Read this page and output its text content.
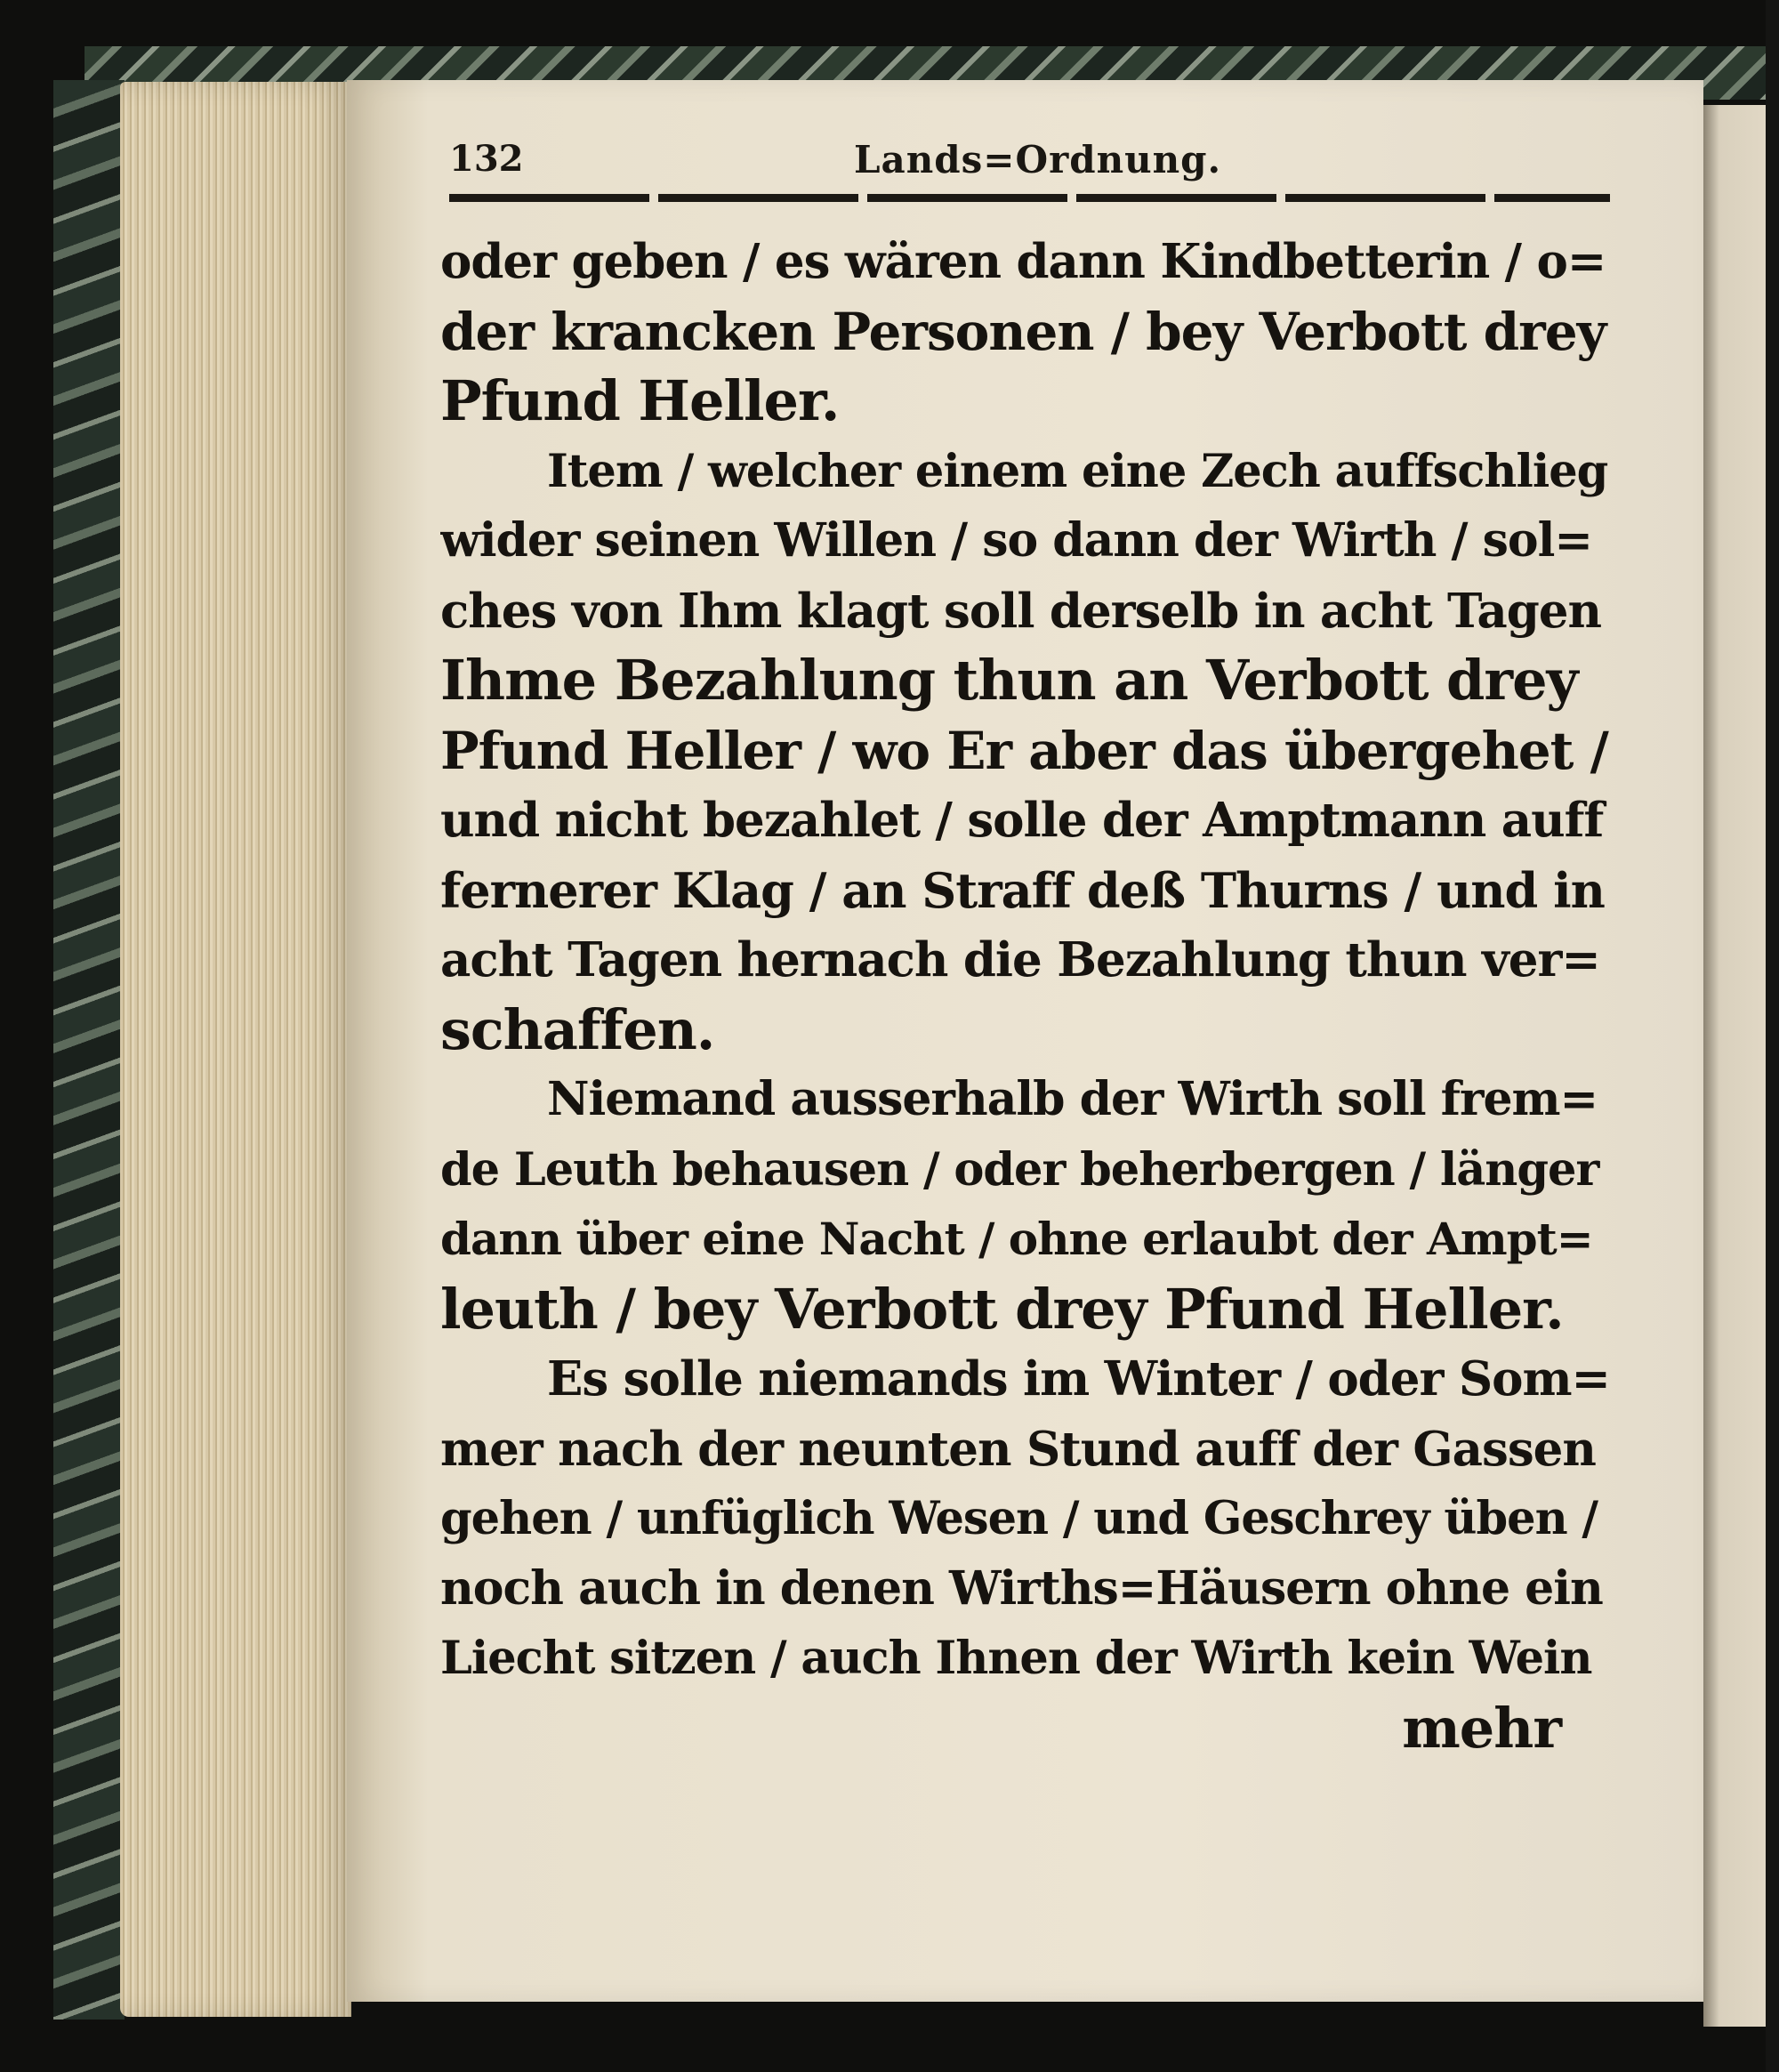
132	Lands=Ordnung.
oder geben / es wären dann Kindbetterin / o=
der krancken Personen / bey Verbott drey
Pfund Heller.
Item / welcher einem eine Zech auffschlieg
wider seinen Willen / so dann der Wirth / sol=
ches von Ihm klagt soll derselb in acht Tagen
Ihme Bezahlung thun an Verbott drey
Pfund Heller / wo Er aber das übergehet /
und nicht bezahlet / solle der Amptmann auff
fernerer Klag / an Straff deß Thurns / und in
acht Tagen hernach die Bezahlung thun ver=
schaffen.
Niemand ausserhalb der Wirth soll frem=
de Leuth behausen / oder beherbergen / länger
dann über eine Nacht / ohne erlaubt der Ampt=
leuth / bey Verbott drey Pfund Heller.
Es solle niemands im Winter / oder Som=
mer nach der neunten Stund auff der Gassen
gehen / unfüglich Wesen / und Geschrey üben /
noch auch in denen Wirths=Häusern ohne ein
Liecht sitzen / auch Ihnen der Wirth kein Wein
mehr
